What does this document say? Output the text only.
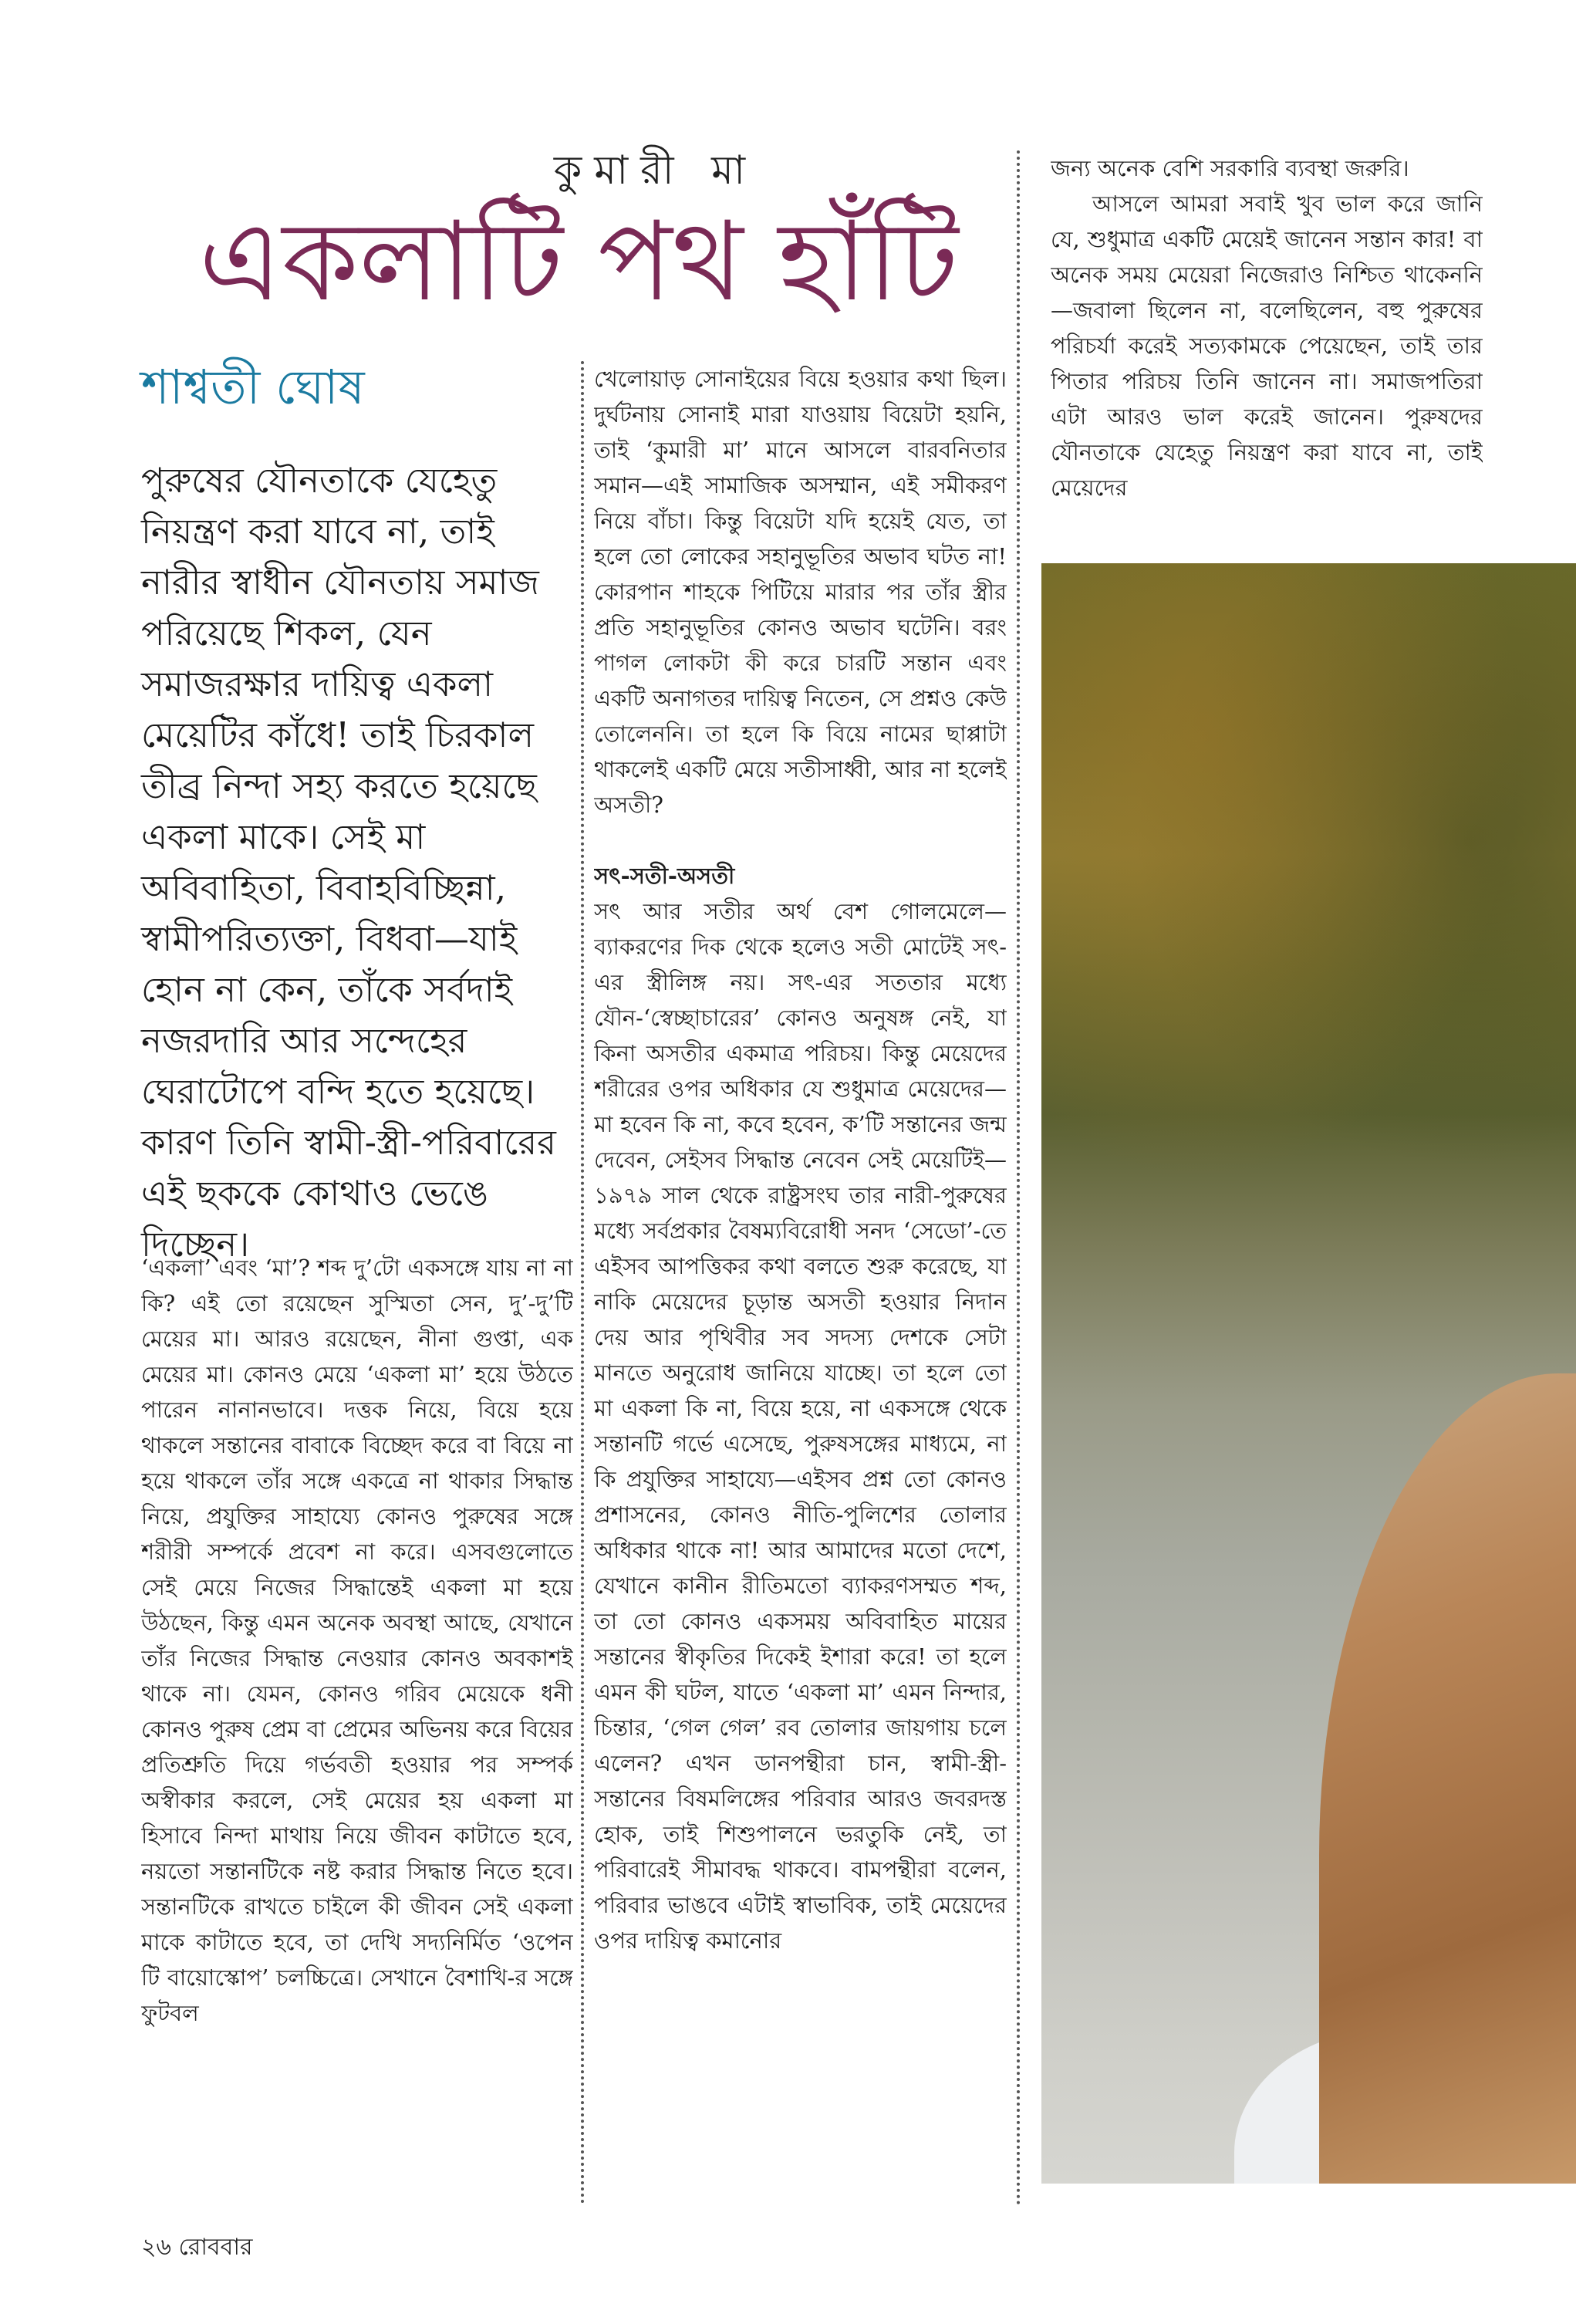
কুমারী মা
একলাটি পথ হাঁটি
শাশ্বতী ঘোষ

পুরুষের যৌনতাকে যেহেতু নিয়ন্ত্রণ করা যাবে না, তাই নারীর স্বাধীন যৌনতায় সমাজ পরিয়েছে শিকল, যেন সমাজরক্ষার দায়িত্ব একলা মেয়েটির কাঁধে! তাই চিরকাল তীব্র নিন্দা সহ্য করতে হয়েছে একলা মাকে। সেই মা অবিবাহিতা, বিবাহবিচ্ছিন্না, স্বামীপরিত্যক্তা, বিধবা—যাই হোন না কেন, তাঁকে সর্বদাই নজরদারি আর সন্দেহের ঘেরাটোপে বন্দি হতে হয়েছে। কারণ তিনি স্বামী-স্ত্রী-পরিবারের এই ছককে কোথাও ভেঙে দিচ্ছেন।

‘একলা’ এবং ‘মা’? শব্দ দু’টো একসঙ্গে যায় না না কি? এই তো রয়েছেন সুস্মিতা সেন, দু’-দু’টি মেয়ের মা। আরও রয়েছেন, নীনা গুপ্তা, এক মেয়ের মা। কোনও মেয়ে ‘একলা মা’ হয়ে উঠতে পারেন নানানভাবে। দত্তক নিয়ে, বিয়ে হয়ে থাকলে সন্তানের বাবাকে বিচ্ছেদ করে বা বিয়ে না হয়ে থাকলে তাঁর সঙ্গে একত্রে না থাকার সিদ্ধান্ত নিয়ে, প্রযুক্তির সাহায্যে কোনও পুরুষের সঙ্গে শরীরী সম্পর্কে প্রবেশ না করে। এসবগুলোতে সেই মেয়ে নিজের সিদ্ধান্তেই একলা মা হয়ে উঠছেন, কিন্তু এমন অনেক অবস্থা আছে, যেখানে তাঁর নিজের সিদ্ধান্ত নেওয়ার কোনও অবকাশই থাকে না। যেমন, কোনও গরিব মেয়েকে ধনী কোনও পুরুষ প্রেম বা প্রেমের অভিনয় করে বিয়ের প্রতিশ্রুতি দিয়ে গর্ভবতী হওয়ার পর সম্পর্ক অস্বীকার করলে, সেই মেয়ের হয় একলা মা হিসাবে নিন্দা মাথায় নিয়ে জীবন কাটাতে হবে, নয়তো সন্তানটিকে নষ্ট করার সিদ্ধান্ত নিতে হবে। সন্তানটিকে রাখতে চাইলে কী জীবন সেই একলা মাকে কাটাতে হবে, তা দেখি সদ্যনির্মিত ‘ওপেন টি বায়োস্কোপ’ চলচ্চিত্রে। সেখানে বৈশাখি-র সঙ্গে ফুটবল

খেলোয়াড় সোনাইয়ের বিয়ে হওয়ার কথা ছিল। দুর্ঘটনায় সোনাই মারা যাওয়ায় বিয়েটা হয়নি, তাই ‘কুমারী মা’ মানে আসলে বারবনিতার সমান—এই সামাজিক অসম্মান, এই সমীকরণ নিয়ে বাঁচা। কিন্তু বিয়েটা যদি হয়েই যেত, তা হলে তো লোকের সহানুভূতির অভাব ঘটত না! কোরপান শাহকে পিটিয়ে মারার পর তাঁর স্ত্রীর প্রতি সহানুভূতির কোনও অভাব ঘটেনি। বরং পাগল লোকটা কী করে চারটি সন্তান এবং একটি অনাগতর দায়িত্ব নিতেন, সে প্রশ্নও কেউ তোলেননি। তা হলে কি বিয়ে নামের ছাপ্পাটা থাকলেই একটি মেয়ে সতীসাধ্বী, আর না হলেই অসতী?

সৎ-সতী-অসতী

সৎ আর সতীর অর্থ বেশ গোলমেলে—ব্যাকরণের দিক থেকে হলেও সতী মোটেই সৎ-এর স্ত্রীলিঙ্গ নয়। সৎ-এর সততার মধ্যে যৌন-‘স্বেচ্ছাচারের’ কোনও অনুষঙ্গ নেই, যা কিনা অসতীর একমাত্র পরিচয়। কিন্তু মেয়েদের শরীরের ওপর অধিকার যে শুধুমাত্র মেয়েদের—মা হবেন কি না, কবে হবেন, ক’টি সন্তানের জন্ম দেবেন, সেইসব সিদ্ধান্ত নেবেন সেই মেয়েটিই—১৯৭৯ সাল থেকে রাষ্ট্রসংঘ তার নারী-পুরুষের মধ্যে সর্বপ্রকার বৈষম্যবিরোধী সনদ ‘সেডো’-তে এইসব আপত্তিকর কথা বলতে শুরু করেছে, যা নাকি মেয়েদের চূড়ান্ত অসতী হওয়ার নিদান দেয় আর পৃথিবীর সব সদস্য দেশকে সেটা মানতে অনুরোধ জানিয়ে যাচ্ছে। তা হলে তো মা একলা কি না, বিয়ে হয়ে, না একসঙ্গে থেকে সন্তানটি গর্ভে এসেছে, পুরুষসঙ্গের মাধ্যমে, না কি প্রযুক্তির সাহায্যে—এইসব প্রশ্ন তো কোনও প্রশাসনের, কোনও নীতি-পুলিশের তোলার অধিকার থাকে না! আর আমাদের মতো দেশে, যেখানে কানীন রীতিমতো ব্যাকরণসম্মত শব্দ, তা তো কোনও একসময় অবিবাহিত মায়ের সন্তানের স্বীকৃতির দিকেই ইশারা করে! তা হলে এমন কী ঘটল, যাতে ‘একলা মা’ এমন নিন্দার, চিন্তার, ‘গেল গেল’ রব তোলার জায়গায় চলে এলেন? এখন ডানপন্থীরা চান, স্বামী-স্ত্রী-সন্তানের বিষমলিঙ্গের পরিবার আরও জবরদস্ত হোক, তাই শিশুপালনে ভরতুকি নেই, তা পরিবারেই সীমাবদ্ধ থাকবে। বামপন্থীরা বলেন, পরিবার ভাঙবে এটাই স্বাভাবিক, তাই মেয়েদের ওপর দায়িত্ব কমানোর

জন্য অনেক বেশি সরকারি ব্যবস্থা জরুরি।

আসলে আমরা সবাই খুব ভাল করে জানি যে, শুধুমাত্র একটি মেয়েই জানেন সন্তান কার! বা অনেক সময় মেয়েরা নিজেরাও নিশ্চিত থাকেননি—জবালা ছিলেন না, বলেছিলেন, বহু পুরুষের পরিচর্যা করেই সত্যকামকে পেয়েছেন, তাই তার পিতার পরিচয় তিনি জানেন না। সমাজপতিরা এটা আরও ভাল করেই জানেন। পুরুষদের যৌনতাকে যেহেতু নিয়ন্ত্রণ করা যাবে না, তাই মেয়েদের

২৬ রোববার
